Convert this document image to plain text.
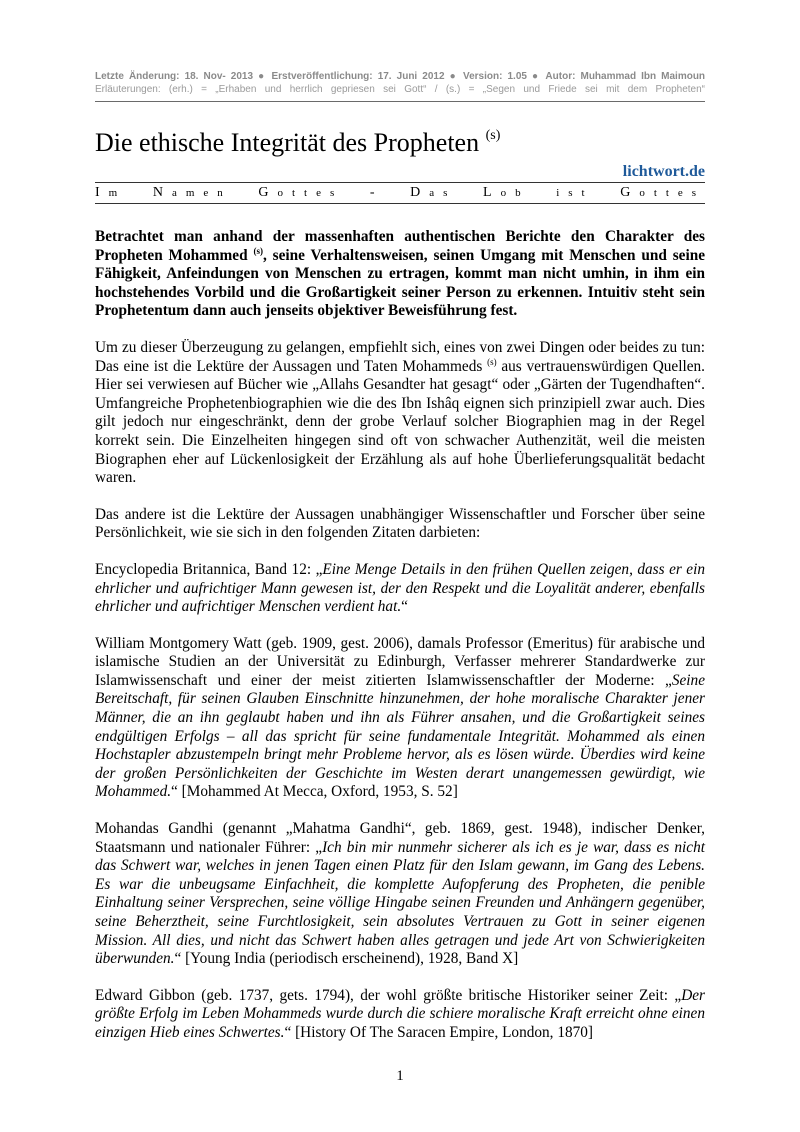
Letzte Änderung: 18. Nov- 2013 ● Erstveröffentlichung: 17. Juni 2012 ● Version: 1.05 ● Autor: Muhammad Ibn Maimoun
Erläuterungen: (erh.) = „Erhaben und herrlich gepriesen sei Gott“ / (s.) = „Segen und Friede sei mit dem Propheten“
Die ethische Integrität des Propheten $^{(s)}$
lichtwort.de
Im Namen Gottes - Das Lob ist Gottes

Betrachtet man anhand der massenhaften authentischen Berichte den Charakter des Propheten Mohammed $^{(s)}$, seine Verhaltensweisen, seinen Umgang mit Menschen und seine Fähigkeit, Anfeindungen von Menschen zu ertragen, kommt man nicht umhin, in ihm ein hochstehendes Vorbild und die Großartigkeit seiner Person zu erkennen. Intuitiv steht sein Prophetentum dann auch jenseits objektiver Beweisführung fest.

Um zu dieser Überzeugung zu gelangen, empfiehlt sich, eines von zwei Dingen oder beides zu tun: Das eine ist die Lektüre der Aussagen und Taten Mohammeds $^{(s)}$ aus vertrauenswürdigen Quellen. Hier sei verwiesen auf Bücher wie „Allahs Gesandter hat gesagt“ oder „Gärten der Tugendhaften“. Umfangreiche Prophetenbiographien wie die des Ibn Ishâq eignen sich prinzipiell zwar auch. Dies gilt jedoch nur eingeschränkt, denn der grobe Verlauf solcher Biographien mag in der Regel korrekt sein. Die Einzelheiten hingegen sind oft von schwacher Authenzität, weil die meisten Biographen eher auf Lückenlosigkeit der Erzählung als auf hohe Überlieferungsqualität bedacht waren.

Das andere ist die Lektüre der Aussagen unabhängiger Wissenschaftler und Forscher über seine Persönlichkeit, wie sie sich in den folgenden Zitaten darbieten:

Encyclopedia Britannica, Band 12: „Eine Menge Details in den frühen Quellen zeigen, dass er ein ehrlicher und aufrichtiger Mann gewesen ist, der den Respekt und die Loyalität anderer, ebenfalls ehrlicher und aufrichtiger Menschen verdient hat.“

William Montgomery Watt (geb. 1909, gest. 2006), damals Professor (Emeritus) für arabische und islamische Studien an der Universität zu Edinburgh, Verfasser mehrerer Standardwerke zur Islamwissenschaft und einer der meist zitierten Islamwissenschaftler der Moderne: „Seine Bereitschaft, für seinen Glauben Einschnitte hinzunehmen, der hohe moralische Charakter jener Männer, die an ihn geglaubt haben und ihn als Führer ansahen, und die Großartigkeit seines endgültigen Erfolgs – all das spricht für seine fundamentale Integrität. Mohammed als einen Hochstapler abzustempeln bringt mehr Probleme hervor, als es lösen würde. Überdies wird keine der großen Persönlichkeiten der Geschichte im Westen derart unangemessen gewürdigt, wie Mohammed.“ [Mohammed At Mecca, Oxford, 1953, S. 52]

Mohandas Gandhi (genannt „Mahatma Gandhi“, geb. 1869, gest. 1948), indischer Denker, Staatsmann und nationaler Führer: „Ich bin mir nunmehr sicherer als ich es je war, dass es nicht das Schwert war, welches in jenen Tagen einen Platz für den Islam gewann, im Gang des Lebens. Es war die unbeugsame Einfachheit, die komplette Aufopferung des Propheten, die penible Einhaltung seiner Versprechen, seine völlige Hingabe seinen Freunden und Anhängern gegenüber, seine Beherztheit, seine Furchtlosigkeit, sein absolutes Vertrauen zu Gott in seiner eigenen Mission. All dies, und nicht das Schwert haben alles getragen und jede Art von Schwierigkeiten überwunden.“ [Young India (periodisch erscheinend), 1928, Band X]

Edward Gibbon (geb. 1737, gets. 1794), der wohl größte britische Historiker seiner Zeit: „Der größte Erfolg im Leben Mohammeds wurde durch die schiere moralische Kraft erreicht ohne einen einzigen Hieb eines Schwertes.“ [History Of The Saracen Empire, London, 1870]

1
